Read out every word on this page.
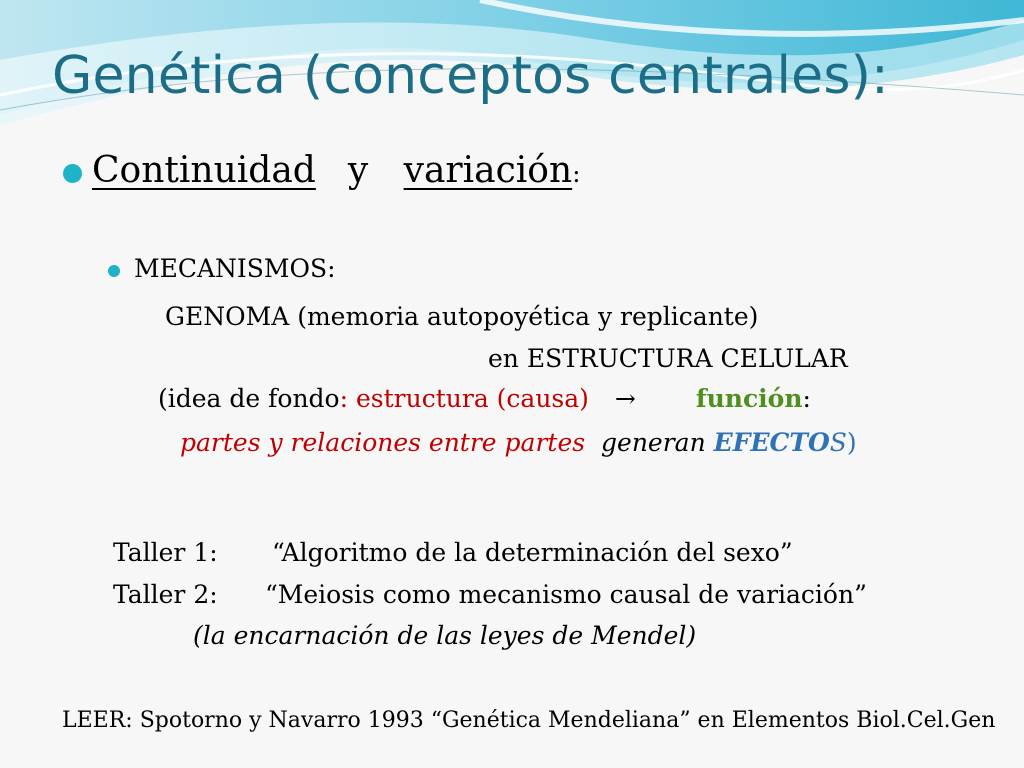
Genética (conceptos centrales):
Continuidad y variación:
MECANISMOS:
GENOMA (memoria autopoyética y replicante)
en ESTRUCTURA CELULAR
(idea de fondo: estructura (causa) → función:
partes y relaciones entre partes generan EFECTOS)
Taller 1: “Algoritmo de la determinación del sexo”
Taller 2: “Meiosis como mecanismo causal de variación”
(la encarnación de las leyes de Mendel)
LEER: Spotorno y Navarro 1993 “Genética Mendeliana” en Elementos Biol.Cel.Gen
